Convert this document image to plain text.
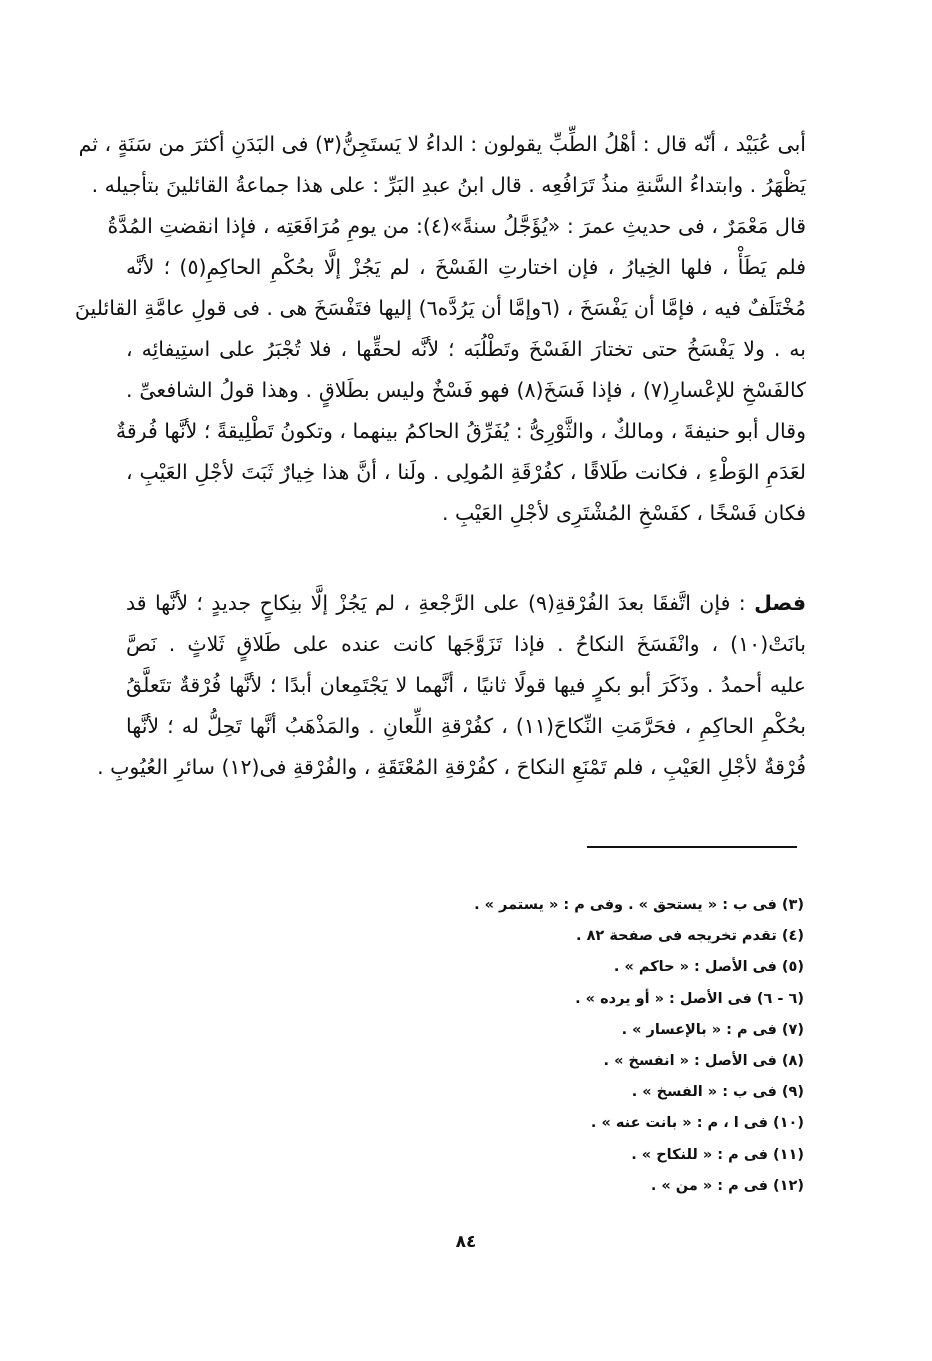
أبى عُبَيْد ، أنّه قال : أهْلُ الطِّبِّ يقولون : الداءُ لا يَستَجِنُّ(٣) فى البَدَنِ أكثرَ من سَنَةٍ ، ثم
يَظْهَرُ . وابتداءُ السَّنةِ منذُ تَرَافُعِه . قال ابنُ عبدِ البَرِّ : على هذا جماعةُ القائلينَ بتأجيله .
قال مَعْمَرٌ ، فى حديثِ عمرَ : «يُؤَجَّلُ سنةً»(٤): من يومِ مُرَافَعَتِه ، فإذا انقضتِ المُدَّةُ
فلم يَطَأْ ، فلها الخِيارُ ، فإن اختارتِ الفَسْخَ ، لم يَجُزْ إلَّا بحُكْمِ الحاكِمِ(٥) ؛ لأنَّه
مُخْتَلَفٌ فيه ، فإمَّا أن يَفْسَخَ ، (٦وإمَّا أن يَرُدَّه٦) إليها فتَفْسَخَ هى . فى قولِ عامَّةِ القائلينَ
به . ولا يَفْسَخُ حتى تختارَ الفَسْخَ وتَطْلُبَه ؛ لأنَّه لحقِّها ، فلا تُجْبَرُ على استِيفائِه ،
كالفَسْخِ للإعْسارِ(٧) ، فإذا فَسَخَ(٨) فهو فَسْخٌ وليس بطَلاقٍ . وهذا قولُ الشافعىِّ .
وقال أبو حنيفةَ ، ومالكٌ ، والثَّوْرِىُّ : يُفَرِّقُ الحاكمُ بينهما ، وتكونُ تَطْلِيقةً ؛ لأنَّها فُرقةٌ
لعَدَمِ الوَطْءِ ، فكانت طَلاقًا ، كفُرْقَةِ المُولِى . ولَنا ، أنَّ هذا خِيارٌ ثَبَتَ لأجْلِ العَيْبِ ،
فكان فَسْخًا ، كفَسْخِ المُشْتَرِى لأجْلِ العَيْبِ .
فصل : فإن اتَّفقَا بعدَ الفُرْقةِ(٩) على الرَّجْعةِ ، لم يَجُزْ إلَّا بنِكاحٍ جديدٍ ؛ لأنَّها قد
بانَتْ(١٠) ، وانْفَسَخَ النكاحُ . فإذا تَزَوَّجَها كانت عنده على طَلاقٍ ثَلاثٍ . نَصَّ
عليه أحمدُ . وذَكَرَ أبو بكرٍ فيها قولًا ثانيًا ، أنَّهما لا يَجْتَمِعان أبدًا ؛ لأنَّها فُرْقةٌ تتَعلَّقُ
بحُكْمِ الحاكِمِ ، فحَرَّمَتِ النِّكاحَ(١١) ، كفُرْقةِ اللِّعانِ . والمَذْهَبُ أنَّها تَحِلُّ له ؛ لأنَّها
فُرْقةٌ لأجْلِ العَيْبِ ، فلم تَمْنَعِ النكاحَ ، كفُرْقةِ المُعْتَقَةِ ، والفُرْقةِ فى(١٢) سائرِ العُيُوبِ .
(٣) فى ب : « يستحق » . وفى م : « يستمر » .
(٤) تقدم تخريجه فى صفحة ٨٢ .
(٥) فى الأصل : « حاكم » .
(٦ - ٦) فى الأصل : « أو يرده » .
(٧) فى م : « بالإعسار » .
(٨) فى الأصل : « انفسخ » .
(٩) فى ب : « الفسخ » .
(١٠) فى ا ، م : « بانت عنه » .
(١١) فى م : « للنكاح » .
(١٢) فى م : « من » .
٨٤
